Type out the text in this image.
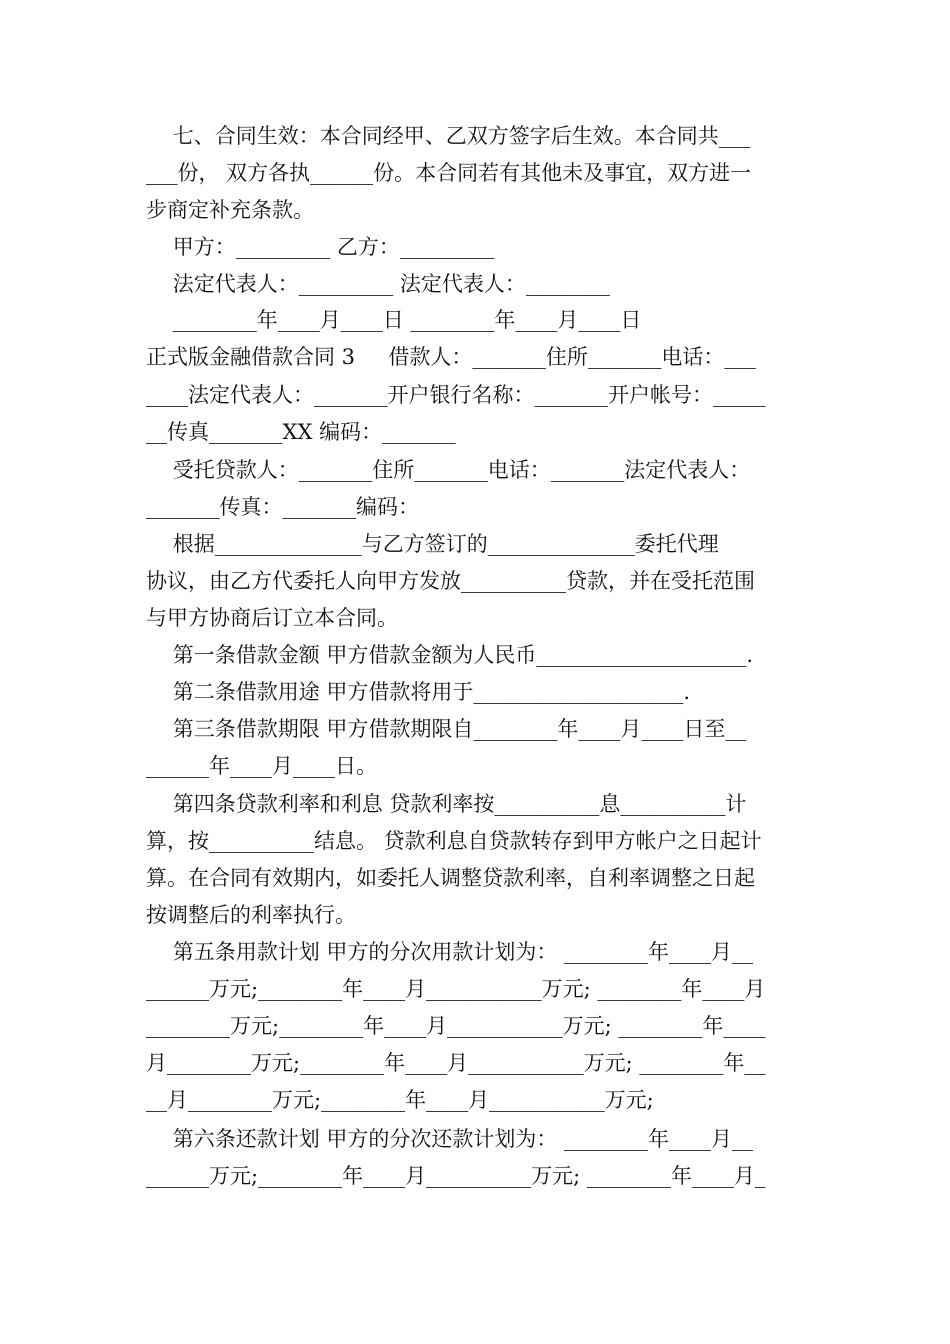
七、合同生效：本合同经甲、乙双方签字后生效。本合同共___

___份， 双方各执______份。本合同若有其他未及事宜，双方进一

步商定补充条款。

甲方：_________ 乙方：_________

法定代表人：_________ 法定代表人：________

________年____月____日 ________年____月____日

正式版金融借款合同 3     借款人：_______住所_______电话：___

____法定代表人：_______开户银行名称：_______开户帐号：_____

__传真_______XX 编码：_______

受托贷款人：_______住所_______电话：_______法定代表人：

_______传真：_______编码：

根据______________与乙方签订的______________委托代理

协议，由乙方代委托人向甲方发放__________贷款，并在受托范围

与甲方协商后订立本合同。

第一条借款金额 甲方借款金额为人民币____________________.

第二条借款用途 甲方借款将用于____________________.

第三条借款期限 甲方借款期限自________年____月____日至__

______年____月____日。

第四条贷款利率和利息 贷款利率按__________息__________计

算，按__________结息。 贷款利息自贷款转存到甲方帐户之日起计

算。在合同有效期内，如委托人调整贷款利率，自利率调整之日起

按调整后的利率执行。

第五条用款计划 甲方的分次用款计划为： ________年____月__

______万元;________年____月___________万元; ________年____月

________万元;________年____月___________万元; ________年____

月________万元;________年____月___________万元; ________年__

__月________万元;________年____月___________万元;

第六条还款计划 甲方的分次还款计划为： ________年____月__

______万元;________年____月__________万元; ________年____月_
